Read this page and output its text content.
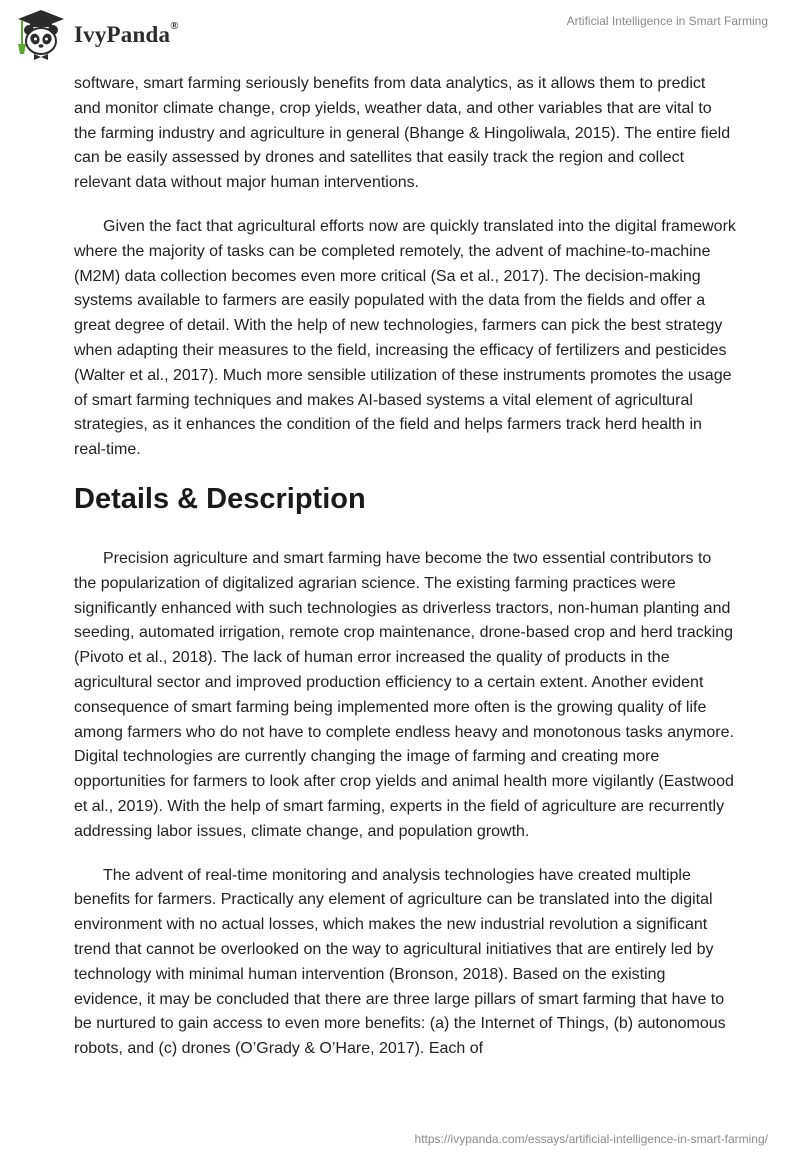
IvyPanda®	Artificial Intelligence in Smart Farming

software, smart farming seriously benefits from data analytics, as it allows them to predict and monitor climate change, crop yields, weather data, and other variables that are vital to the farming industry and agriculture in general (Bhange & Hingoliwala, 2015). The entire field can be easily assessed by drones and satellites that easily track the region and collect relevant data without major human interventions.

Given the fact that agricultural efforts now are quickly translated into the digital framework where the majority of tasks can be completed remotely, the advent of machine-to-machine (M2M) data collection becomes even more critical (Sa et al., 2017). The decision-making systems available to farmers are easily populated with the data from the fields and offer a great degree of detail. With the help of new technologies, farmers can pick the best strategy when adapting their measures to the field, increasing the efficacy of fertilizers and pesticides (Walter et al., 2017). Much more sensible utilization of these instruments promotes the usage of smart farming techniques and makes AI-based systems a vital element of agricultural strategies, as it enhances the condition of the field and helps farmers track herd health in real-time.

Details & Description

Precision agriculture and smart farming have become the two essential contributors to the popularization of digitalized agrarian science. The existing farming practices were significantly enhanced with such technologies as driverless tractors, non-human planting and seeding, automated irrigation, remote crop maintenance, drone-based crop and herd tracking (Pivoto et al., 2018). The lack of human error increased the quality of products in the agricultural sector and improved production efficiency to a certain extent. Another evident consequence of smart farming being implemented more often is the growing quality of life among farmers who do not have to complete endless heavy and monotonous tasks anymore. Digital technologies are currently changing the image of farming and creating more opportunities for farmers to look after crop yields and animal health more vigilantly (Eastwood et al., 2019). With the help of smart farming, experts in the field of agriculture are recurrently addressing labor issues, climate change, and population growth.

The advent of real-time monitoring and analysis technologies have created multiple benefits for farmers. Practically any element of agriculture can be translated into the digital environment with no actual losses, which makes the new industrial revolution a significant trend that cannot be overlooked on the way to agricultural initiatives that are entirely led by technology with minimal human intervention (Bronson, 2018). Based on the existing evidence, it may be concluded that there are three large pillars of smart farming that have to be nurtured to gain access to even more benefits: (a) the Internet of Things, (b) autonomous robots, and (c) drones (O’Grady & O’Hare, 2017). Each of

https://ivypanda.com/essays/artificial-intelligence-in-smart-farming/
